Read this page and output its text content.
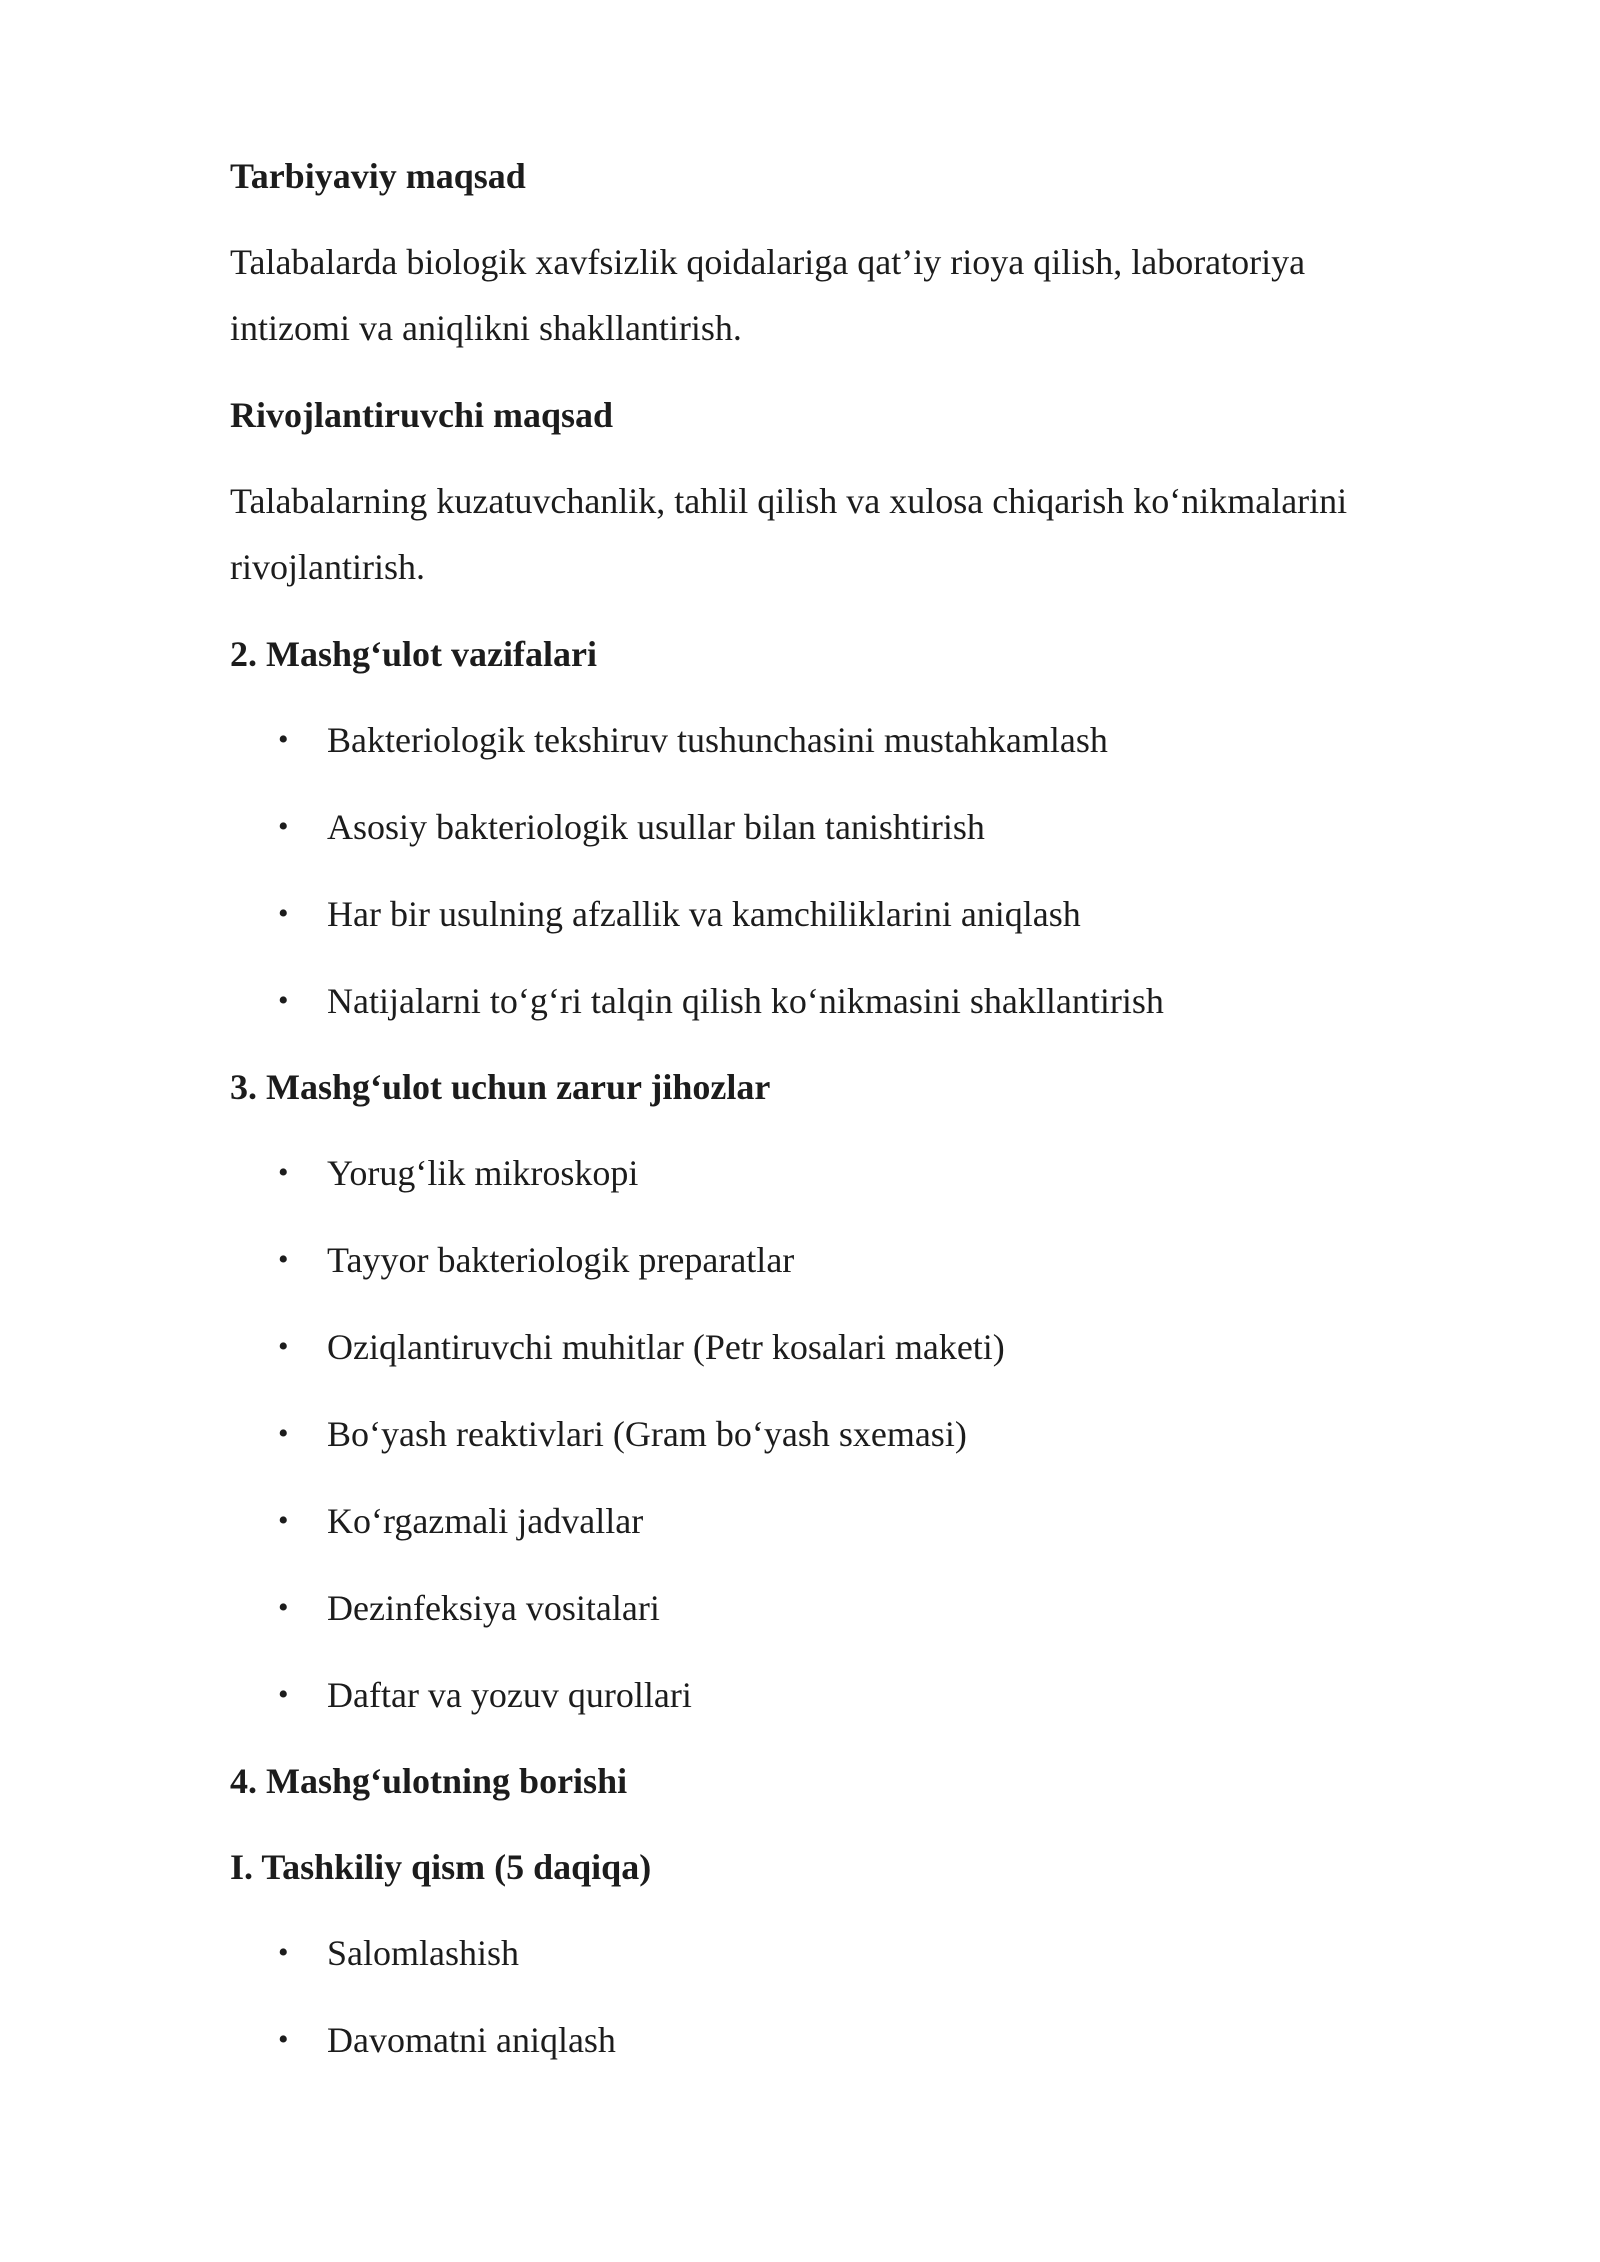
Tarbiyaviy maqsad
Talabalarda biologik xavfsizlik qoidalariga qat’iy rioya qilish, laboratoriya intizomi va aniqlikni shakllantirish.
Rivojlantiruvchi maqsad
Talabalarning kuzatuvchanlik, tahlil qilish va xulosa chiqarish ko‘nikmalarini rivojlantirish.
2. Mashg‘ulot vazifalari
• Bakteriologik tekshiruv tushunchasini mustahkamlash
• Asosiy bakteriologik usullar bilan tanishtirish
• Har bir usulning afzallik va kamchiliklarini aniqlash
• Natijalarni to‘g‘ri talqin qilish ko‘nikmasini shakllantirish
3. Mashg‘ulot uchun zarur jihozlar
• Yorug‘lik mikroskopi
• Tayyor bakteriologik preparatlar
• Oziqlantiruvchi muhitlar (Petr kosalari maketi)
• Bo‘yash reaktivlari (Gram bo‘yash sxemasi)
• Ko‘rgazmali jadvallar
• Dezinfeksiya vositalari
• Daftar va yozuv qurollari
4. Mashg‘ulotning borishi
I. Tashkiliy qism (5 daqiqa)
• Salomlashish
• Davomatni aniqlash
